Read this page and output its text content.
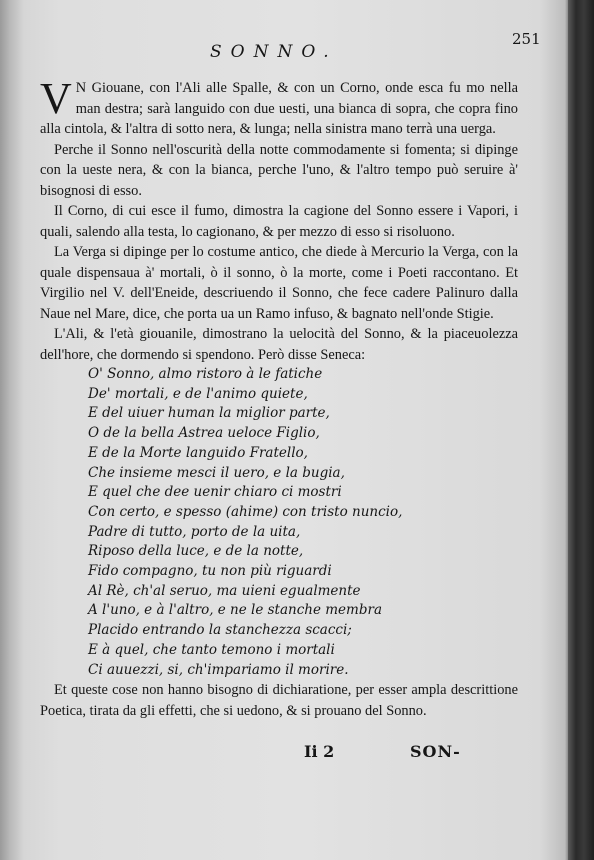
SONNO.
251

V N Giouane, con l'Ali alle Spalle, & con un Corno, onde esca fu mo nella man destra; sarà languido con due uesti, una bianca di sopra, che copra fino alla cintola, & l'altra di sotto nera, & lunga; nella sinistra mano terrà una uerga.

Perche il Sonno nell'oscurità della notte commodamente si fomenta; si dipinge con la ueste nera, & con la bianca, perche l'uno, & l'altro tempo può seruire à' bisognosi di esso.

Il Corno, di cui esce il fumo, dimostra la cagione del Sonno essere i Vapori, i quali, salendo alla testa, lo cagionano, & per mezzo di esso si risoluono.

La Verga si dipinge per lo costume antico, che diede à Mercurio la Verga, con la quale dispensaua à' mortali, ò il sonno, ò la morte, come i Poeti raccontano. Et Virgilio nel V. dell'Eneide, descriuendo il Sonno, che fece cadere Palinuro dalla Naue nel Mare, dice, che porta ua un Ramo infuso, & bagnato nell'onde Stigie.

L'Ali, & l'età giouanile, dimostrano la uelocità del Sonno, & la piaceuolezza dell'hore, che dormendo si spendono. Però disse Seneca:

O' Sonno, almo ristoro à le fatiche
De' mortali, e de l'animo quiete,
E del uiuer human la miglior parte,
O de la bella Astrea ueloce Figlio,
E de la Morte languido Fratello,
Che insieme mesci il uero, e la bugia,
E quel che dee uenir chiaro ci mostri
Con certo, e spesso (ahime) con tristo nuncio,
Padre di tutto, porto de la uita,
Riposo della luce, e de la notte,
Fido compagno, tu non più riguardi
Al Rè, ch'al seruo, ma uieni egualmente
A l'uno, e à l'altro, e ne le stanche membra
Placido entrando la stanchezza scacci;
E à quel, che tanto temono i mortali
Ci auuezzi, si, ch'impariamo il morire.

Et queste cose non hanno bisogno di dichiaratione, per esser ampla descrittione Poetica, tirata da gli effetti, che si uedono, & si prouano del Sonno.

Ii 2	SON-
